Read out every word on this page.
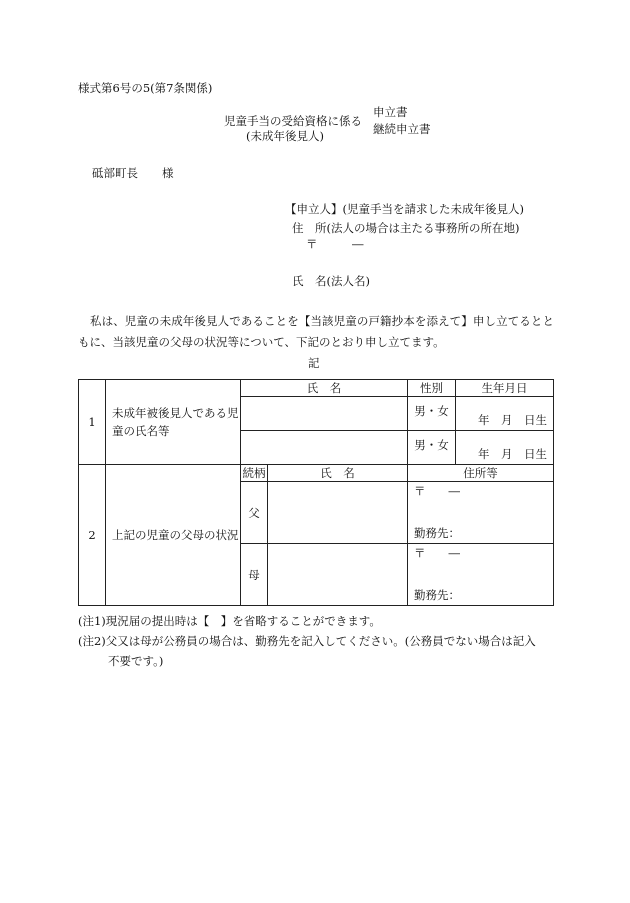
様式第6号の5(第7条関係)
児童手当の受給資格に係る
(未成年後見人)
申立書
継続申立書
砥部町長 様
【申立人】(児童手当を請求した未成年後見人)
住　所(法人の場合は主たる事務所の所在地)
〒　　　―
氏　名(法人名)
私は、児童の未成年後見人であることを【当該児童の戸籍抄本を添えて】申し立てるとともに、当該児童の父母の状況等について、下記のとおり申し立てます。
記
1	未成年被後見人である児童の氏名等	氏　名		性別	生年月日
				男・女	年　月　日生

				男・女	年　月　日生

2	上記の児童の父母の状況	続柄	氏　名	住所等	
		父		〒　　―
勤務先：	

		母		〒　　―
勤務先：	
(注1)現況届の提出時は【　】を省略することができます。
(注2)父又は母が公務員の場合は、勤務先を記入してください。(公務員でない場合は記入
不要です。)
